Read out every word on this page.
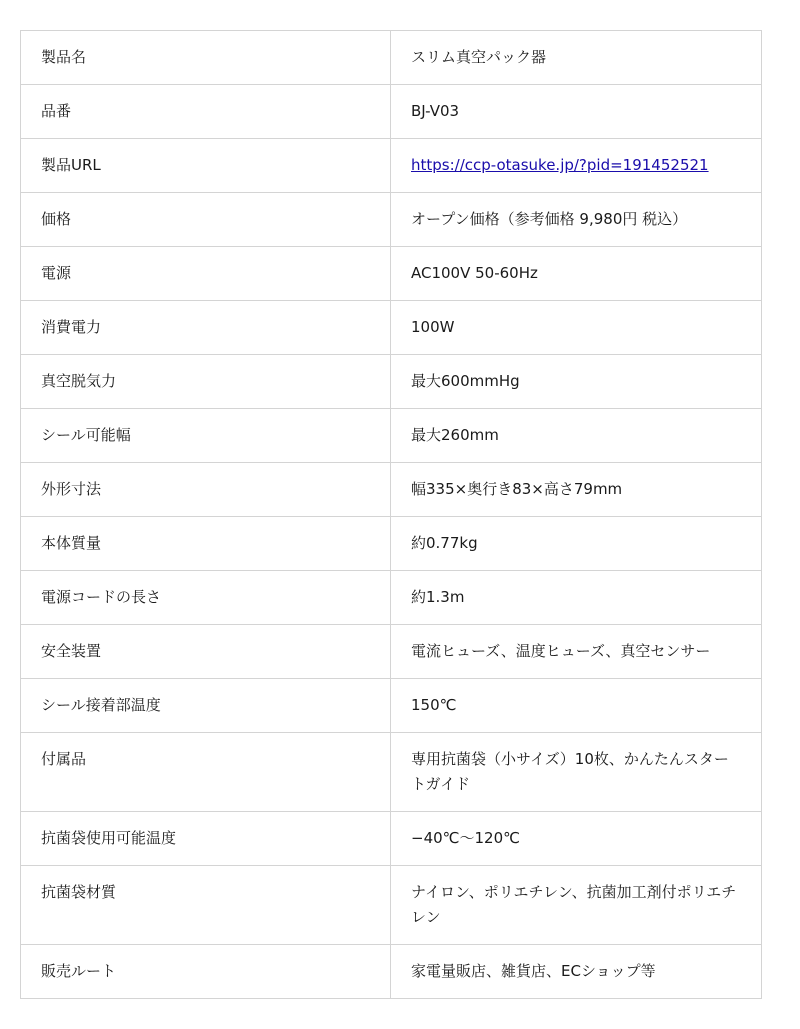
製品名	スリム真空パック器
品番	BJ-V03
製品URL	https://ccp-otasuke.jp/?pid=191452521
価格	オープン価格（参考価格 9,980円 税込）
電源	AC100V 50-60Hz
消費電力	100W
真空脱気力	最大600mmHg
シール可能幅	最大260mm
外形寸法	幅335×奥行き83×高さ79mm
本体質量	約0.77kg
電源コードの長さ	約1.3m
安全装置	電流ヒューズ、温度ヒューズ、真空センサー
シール接着部温度	150℃
付属品	専用抗菌袋（小サイズ）10枚、かんたんスタートガイド
抗菌袋使用可能温度	−40℃〜120℃
抗菌袋材質	ナイロン、ポリエチレン、抗菌加工剤付ポリエチレン
販売ルート	家電量販店、雑貨店、ECショップ等
